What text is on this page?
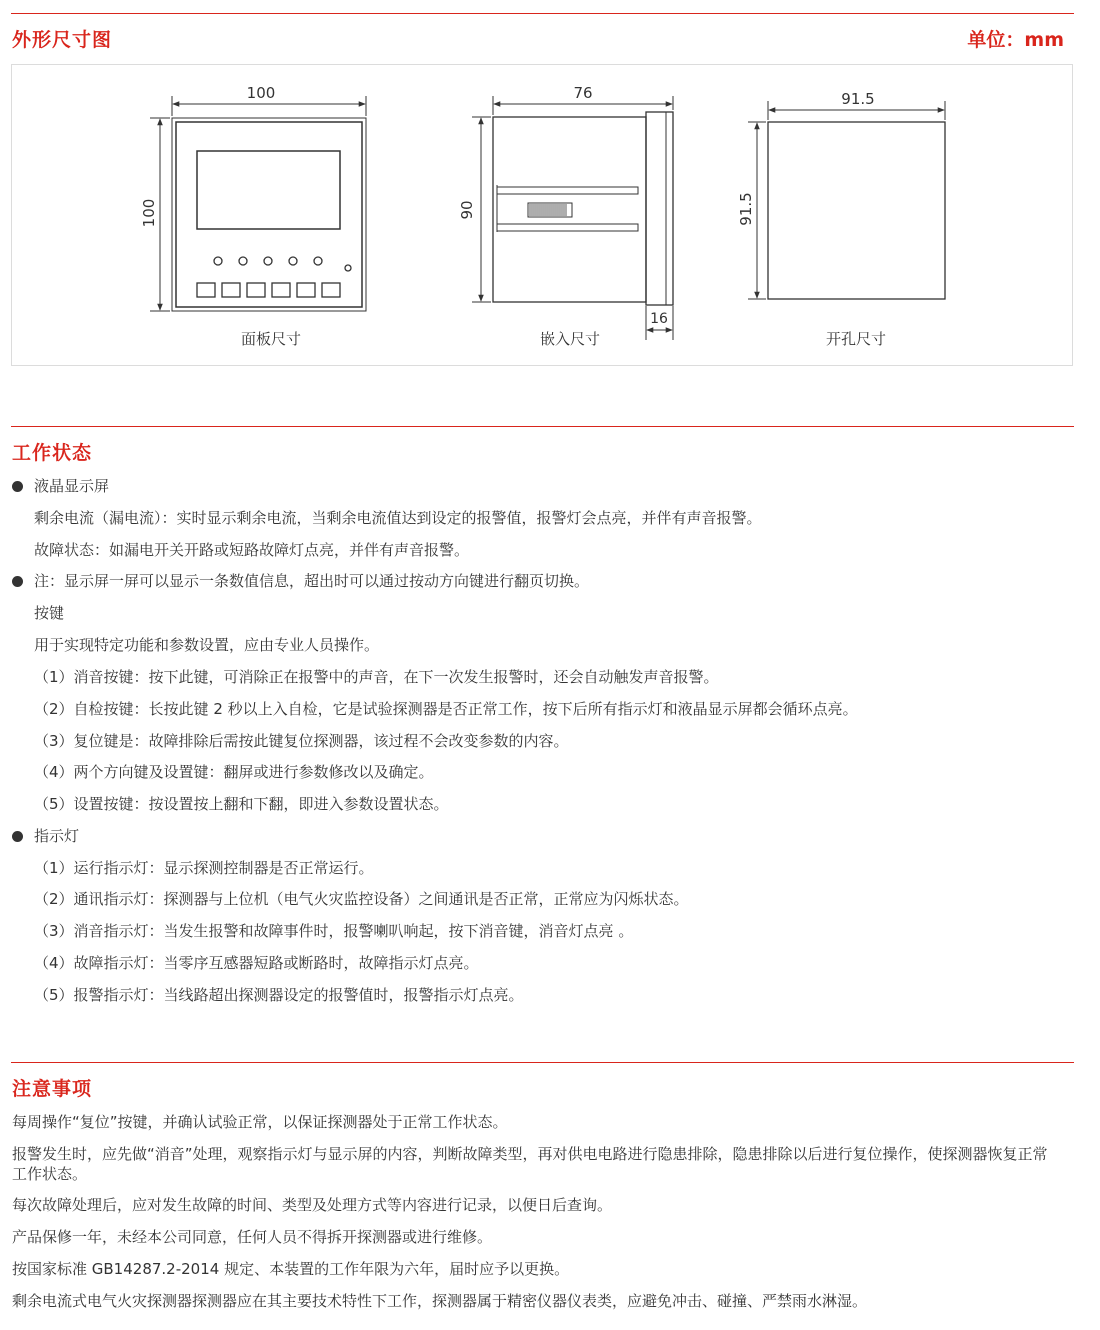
外形尺寸图	单位：mm
100
100
76
90
16
91.5
91.5
面板尺寸	嵌入尺寸	开孔尺寸
工作状态
液晶显示屏
剩余电流（漏电流）：实时显示剩余电流，当剩余电流值达到设定的报警值，报警灯会点亮，并伴有声音报警。
故障状态：如漏电开关开路或短路故障灯点亮，并伴有声音报警。
注：显示屏一屏可以显示一条数值信息，超出时可以通过按动方向键进行翻页切换。
按键
用于实现特定功能和参数设置，应由专业人员操作。
（1）消音按键：按下此键，可消除正在报警中的声音，在下一次发生报警时，还会自动触发声音报警。
（2）自检按键：长按此键 2 秒以上入自检，它是试验探测器是否正常工作，按下后所有指示灯和液晶显示屏都会循环点亮。
（3）复位键是：故障排除后需按此键复位探测器，该过程不会改变参数的内容。
（4）两个方向键及设置键：翻屏或进行参数修改以及确定。
（5）设置按键：按设置按上翻和下翻，即进入参数设置状态。
指示灯
（1）运行指示灯：显示探测控制器是否正常运行。
（2）通讯指示灯：探测器与上位机（电气火灾监控设备）之间通讯是否正常，正常应为闪烁状态。
（3）消音指示灯：当发生报警和故障事件时，报警喇叭响起，按下消音键，消音灯点亮 。
（4）故障指示灯：当零序互感器短路或断路时，故障指示灯点亮。
（5）报警指示灯：当线路超出探测器设定的报警值时，报警指示灯点亮。
注意事项
每周操作“复位”按键，并确认试验正常，以保证探测器处于正常工作状态。
报警发生时，应先做“消音”处理，观察指示灯与显示屏的内容，判断故障类型，再对供电电路进行隐患排除，隐患排除以后进行复位操作，使探测器恢复正常工作状态。
每次故障处理后，应对发生故障的时间、类型及处理方式等内容进行记录，以便日后查询。
产品保修一年，未经本公司同意，任何人员不得拆开探测器或进行维修。
按国家标准 GB14287.2-2014 规定、本装置的工作年限为六年，届时应予以更换。
剩余电流式电气火灾探测器探测器应在其主要技术特性下工作，探测器属于精密仪器仪表类，应避免冲击、碰撞、严禁雨水淋湿。
